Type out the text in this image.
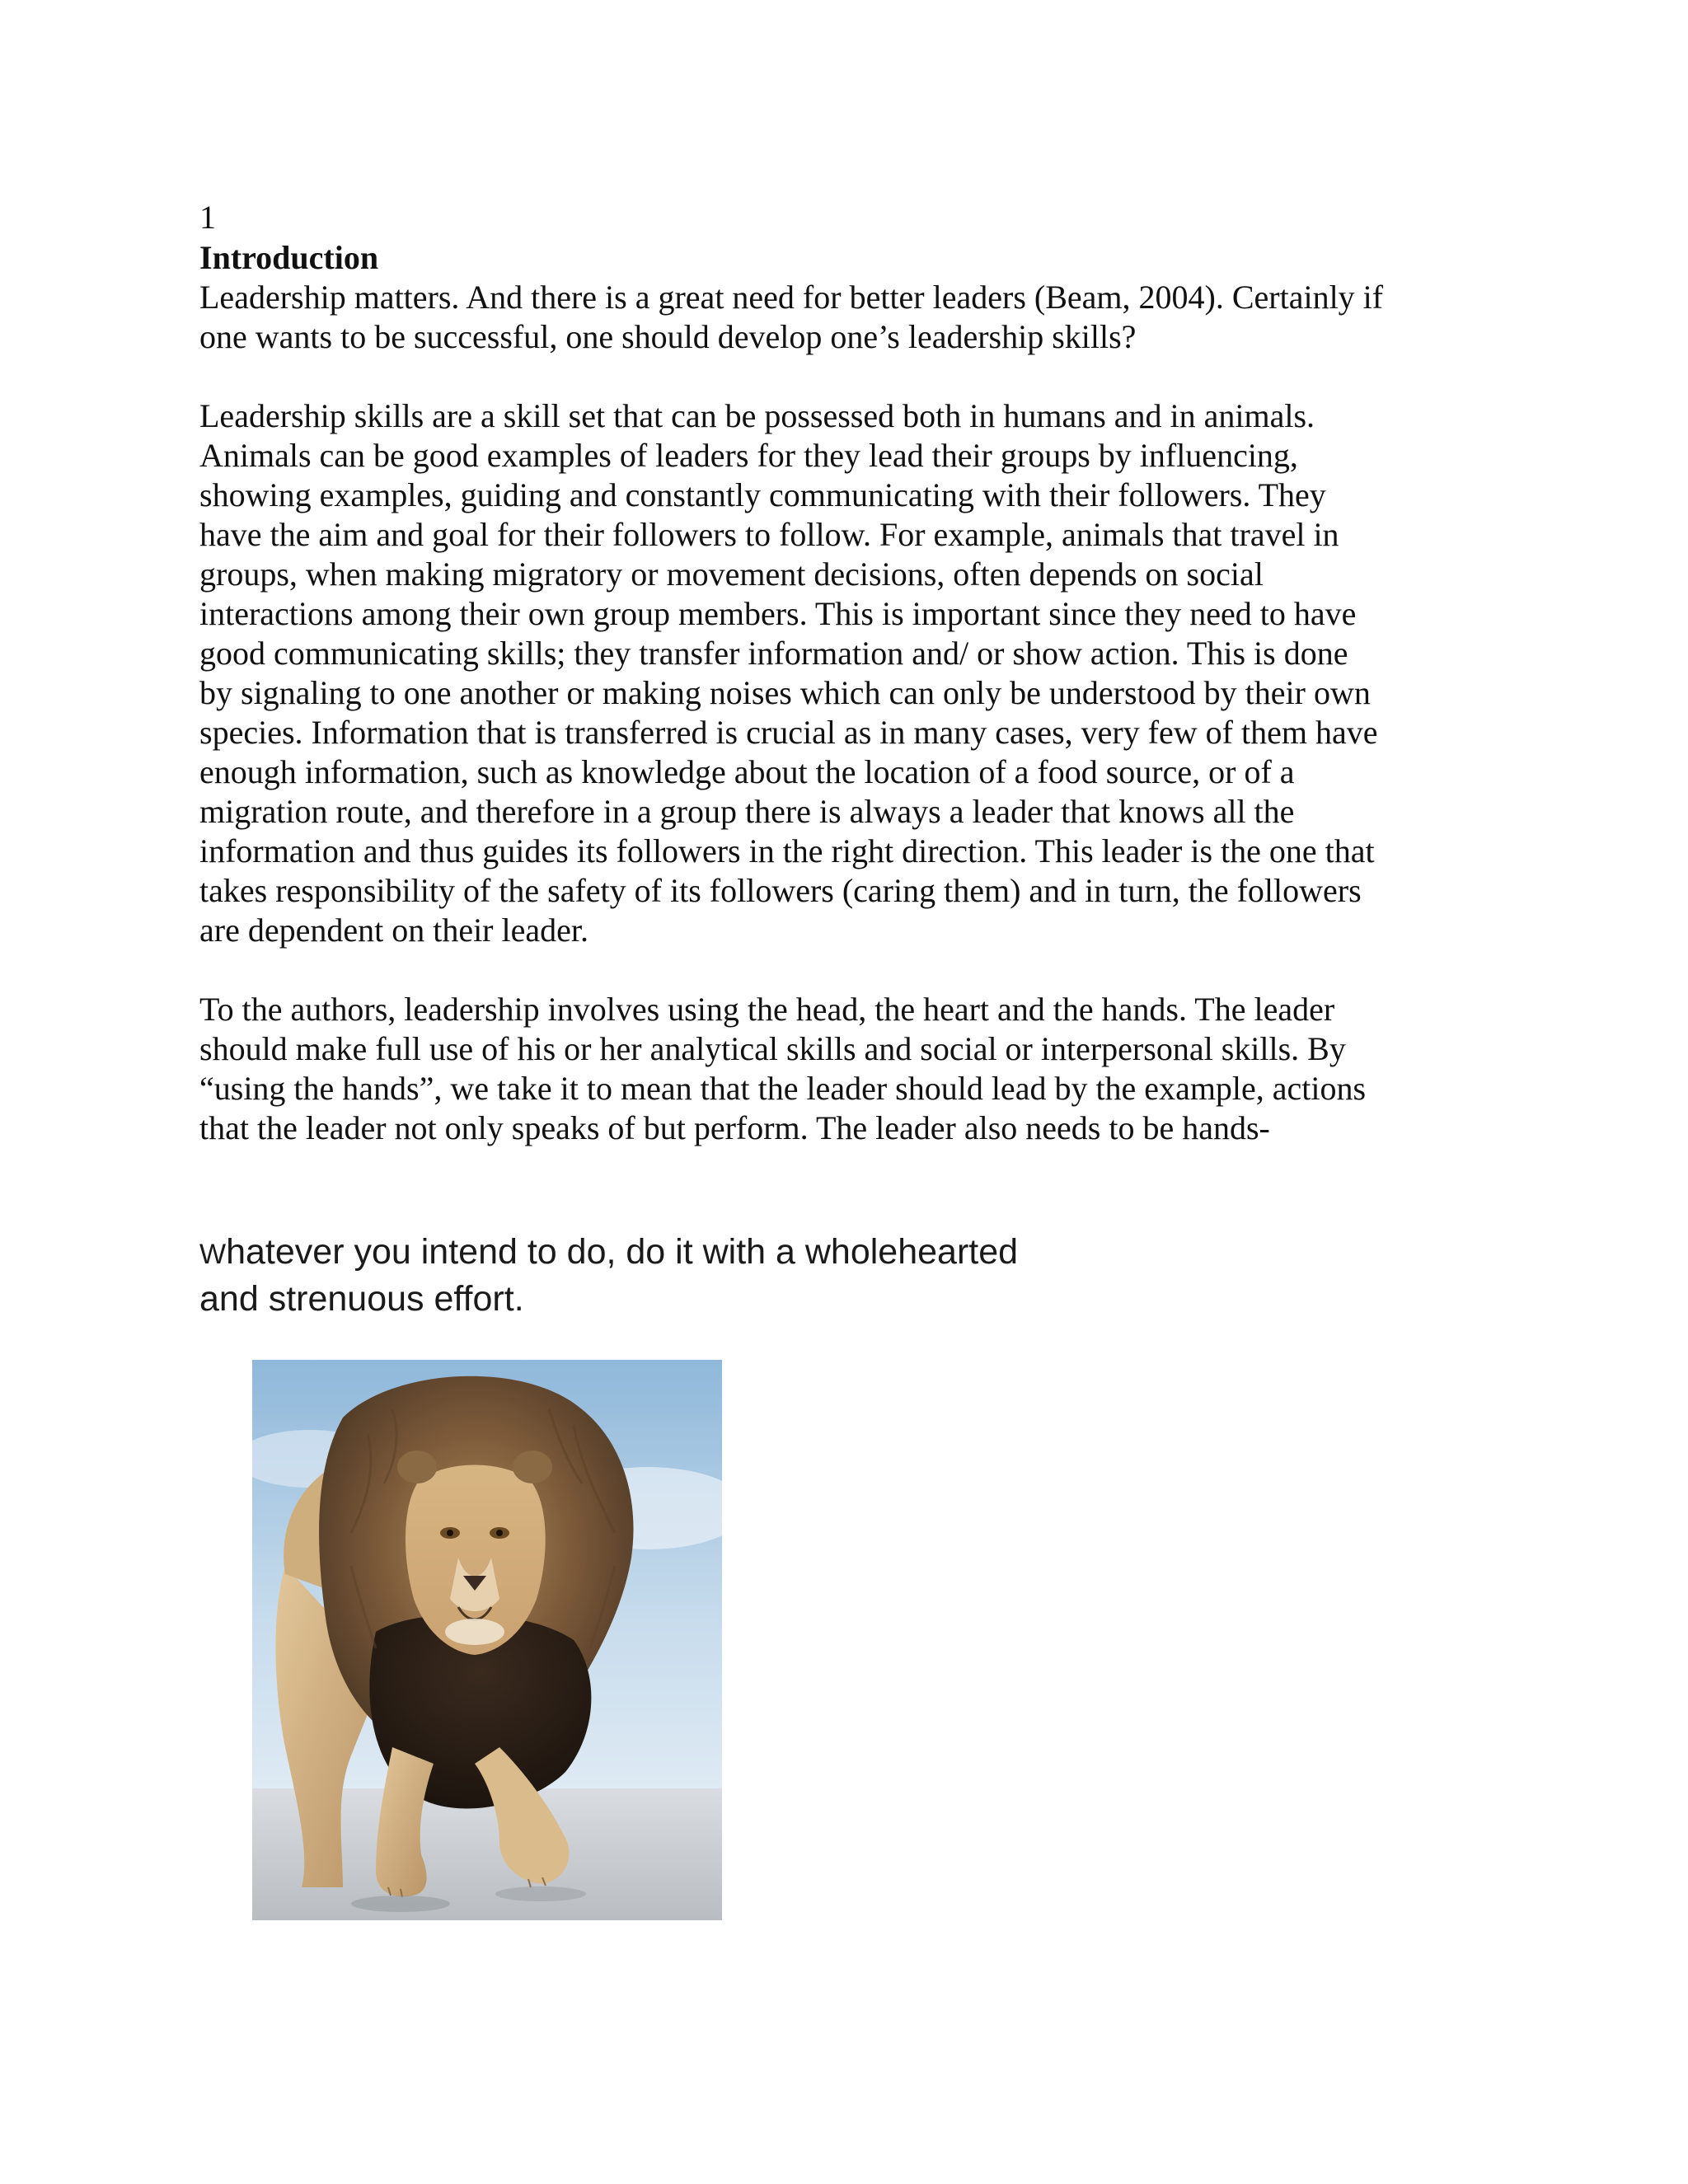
1
Introduction

Leadership matters. And there is a great need for better leaders (Beam, 2004). Certainly if
one wants to be successful, one should develop one’s leadership skills?

Leadership skills are a skill set that can be possessed both in humans and in animals.
Animals can be good examples of leaders for they lead their groups by influencing,
showing examples, guiding and constantly communicating with their followers. They
have the aim and goal for their followers to follow. For example, animals that travel in
groups, when making migratory or movement decisions, often depends on social
interactions among their own group members. This is important since they need to have
good communicating skills; they transfer information and/ or show action. This is done
by signaling to one another or making noises which can only be understood by their own
species. Information that is transferred is crucial as in many cases, very few of them have
enough information, such as knowledge about the location of a food source, or of a
migration route, and therefore in a group there is always a leader that knows all the
information and thus guides its followers in the right direction. This leader is the one that
takes responsibility of the safety of its followers (caring them) and in turn, the followers
are dependent on their leader.

To the authors, leadership involves using the head, the heart and the hands. The leader
should make full use of his or her analytical skills and social or interpersonal skills. By
“using the hands”, we take it to mean that the leader should lead by the example, actions
that the leader not only speaks of but perform. The leader also needs to be hands-

Whatever you intend to do, do it with a wholehearted
and strenuous effort.
